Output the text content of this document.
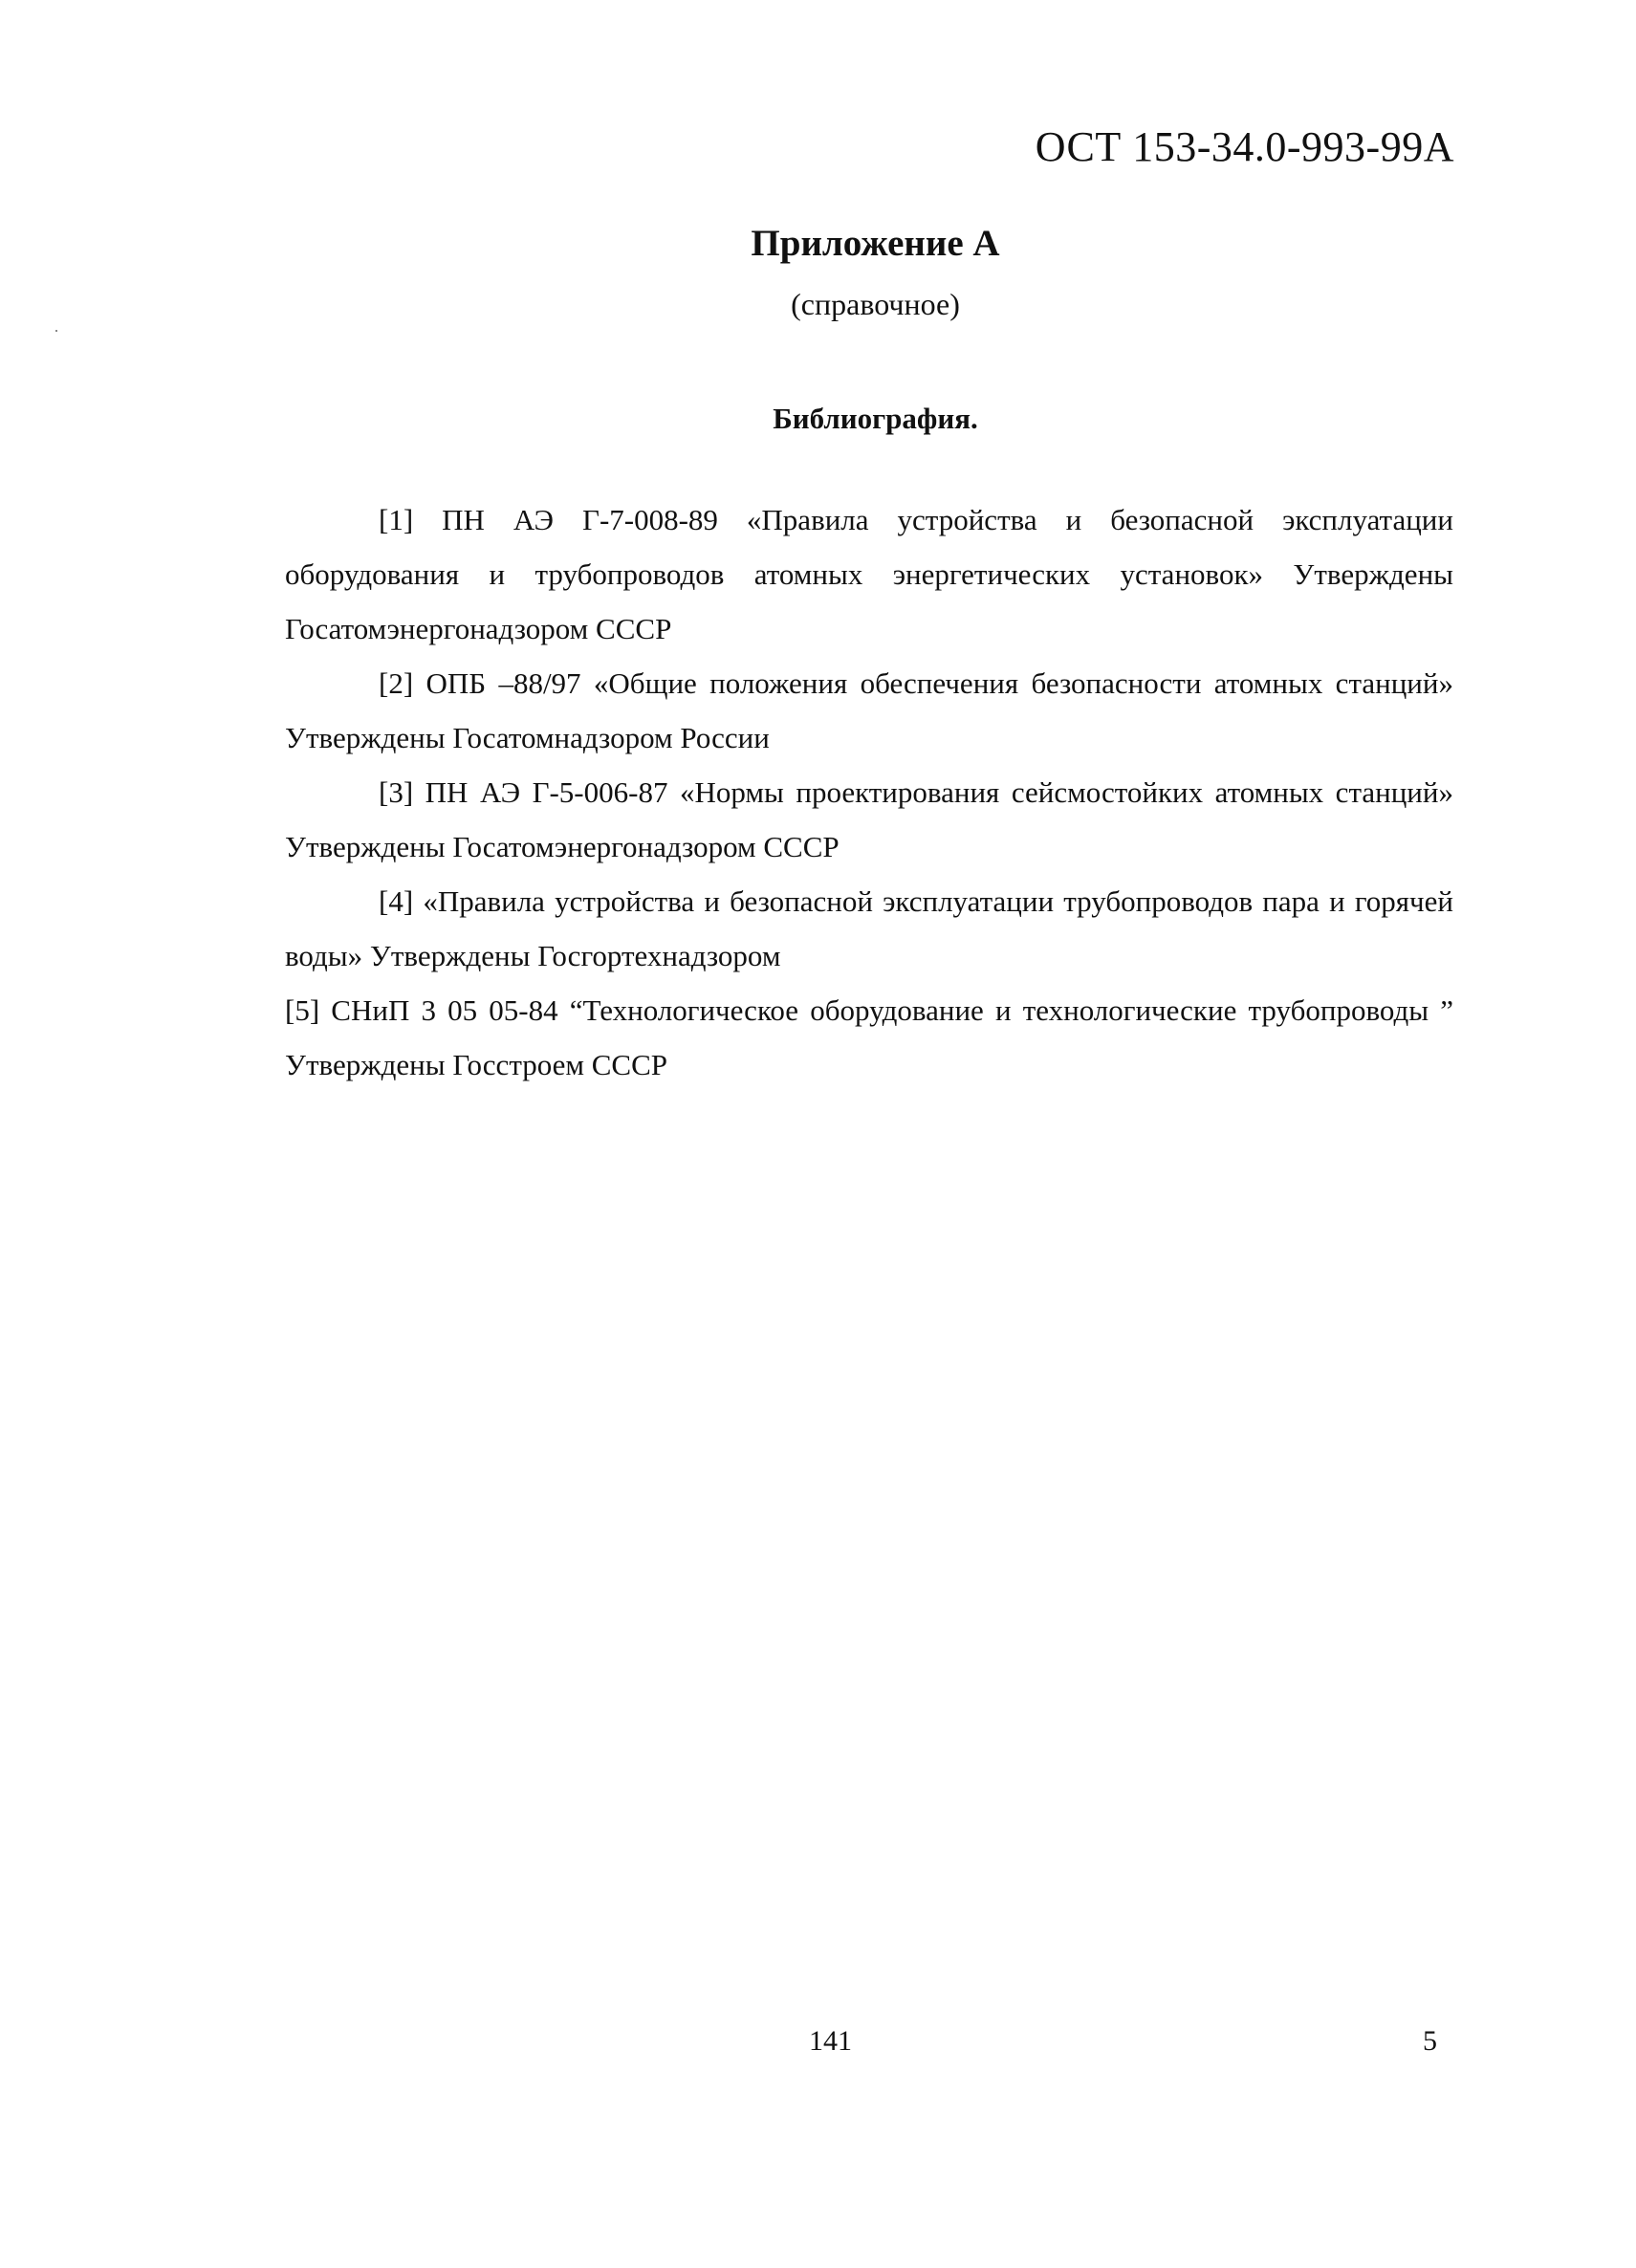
ОСТ 153-34.0-993-99А
Приложение А
(справочное)
Библиография.

[1] ПН АЭ Г-7-008-89 «Правила устройства и безопасной эксплуатации оборудования и трубопроводов атомных энергетических установок» Утверждены Госатомэнергонадзором СССР

[2] ОПБ –88/97 «Общие положения обеспечения безопасности атомных станций» Утверждены Госатомнадзором России

[3] ПН АЭ Г-5-006-87 «Нормы проектирования сейсмостойких атомных станций» Утверждены Госатомэнергонадзором СССР

[4] «Правила устройства и безопасной эксплуатации трубопроводов пара и горячей воды» Утверждены Госгортехнадзором

[5] СНиП 3 05 05-84 “Технологическое оборудование и технологические трубопроводы ” Утверждены Госстроем СССР

141	5
